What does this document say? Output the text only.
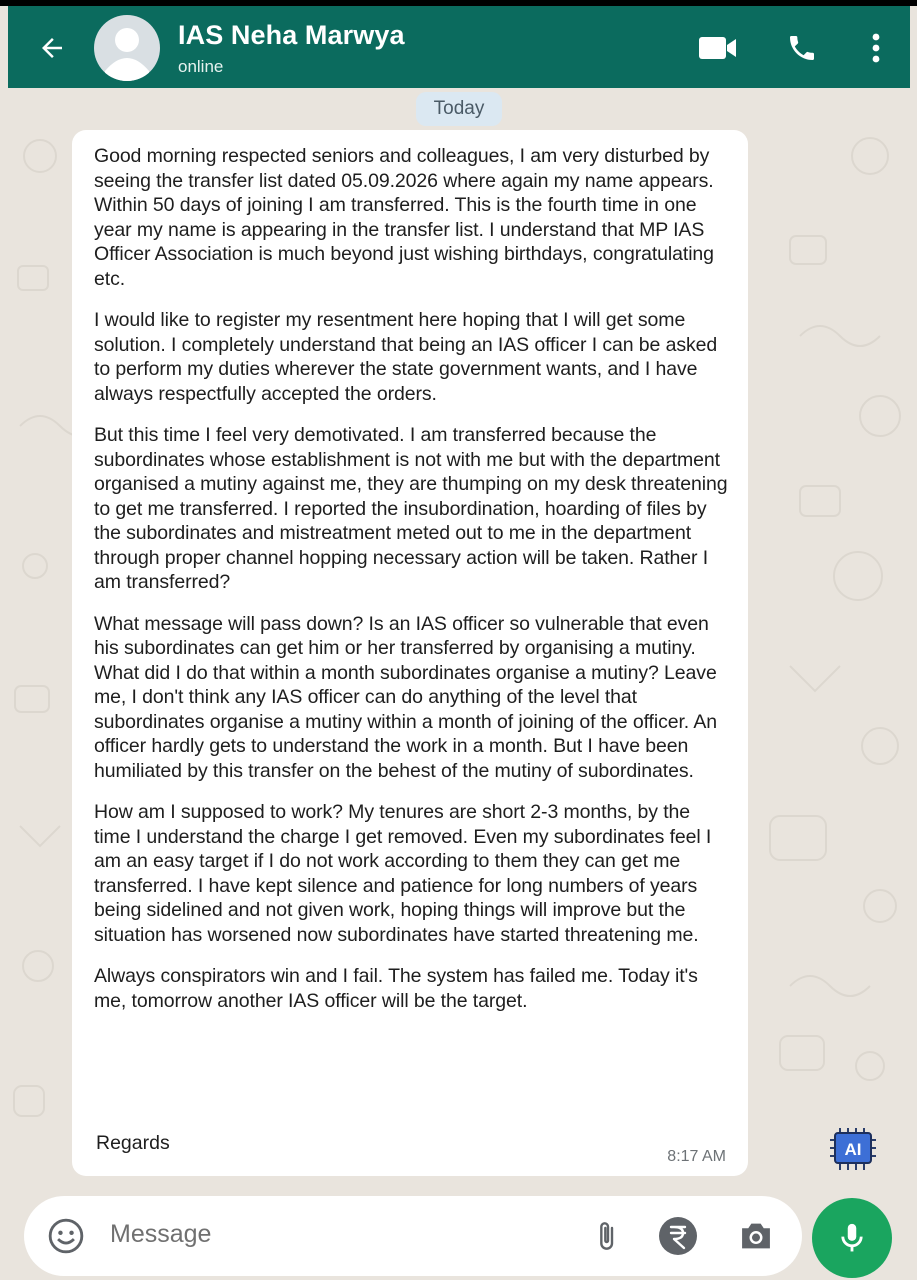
IAS Neha Marwya
online
Today

Good morning respected seniors and colleagues, I am very disturbed by seeing the transfer list dated 05.09.2026 where again my name appears. Within 50 days of joining I am transferred. This is the fourth time in one year my name is appearing in the transfer list. I understand that MP IAS Officer Association is much beyond just wishing birthdays, congratulating etc.

I would like to register my resentment here hoping that I will get some solution. I completely understand that being an IAS officer I can be asked to perform my duties wherever the state government wants, and I have always respectfully accepted the orders.

But this time I feel very demotivated. I am transferred because the subordinates whose establishment is not with me but with the department organised a mutiny against me, they are thumping on my desk threatening to get me transferred. I reported the insubordination, hoarding of files by the subordinates and mistreatment meted out to me in the department through proper channel hopping necessary action will be taken. Rather I am transferred?

What message will pass down? Is an IAS officer so vulnerable that even his subordinates can get him or her transferred by organising a mutiny. What did I do that within a month subordinates organise a mutiny? Leave me, I don't think any IAS officer can do anything of the level that subordinates organise a mutiny within a month of joining of the officer. An officer hardly gets to understand the work in a month. But I have been humiliated by this transfer on the behest of the mutiny of subordinates.

How am I supposed to work? My tenures are short 2-3 months, by the time I understand the charge I get removed. Even my subordinates feel I am an easy target if I do not work according to them they can get me transferred. I have kept silence and patience for long numbers of years being sidelined and not given work, hoping things will improve but the situation has worsened now subordinates have started threatening me.

Always conspirators win and I fail. The system has failed me. Today it's me, tomorrow another IAS officer will be the target.

Regards
8:17 AM	AI
Message
